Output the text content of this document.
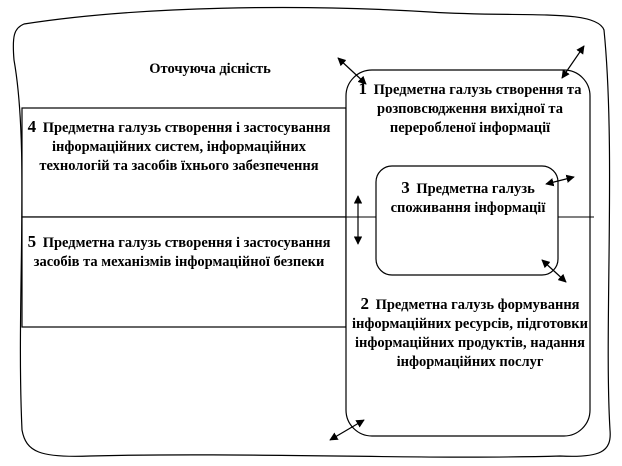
Оточуюча дісність
4 Предметна галузь створення і застосування інформаційних систем, інформаційних технологій та засобів їхнього забезпечення
5 Предметна галузь створення і застосування засобів та механізмів інформаційної безпеки
1 Предметна галузь створення та розповсюдження вихідної та переробленої інформації
3 Предметна галузь споживання інформації
2 Предметна галузь формування інформаційних ресурсів, підготовки інформаційних продуктів, надання інформаційних послуг
